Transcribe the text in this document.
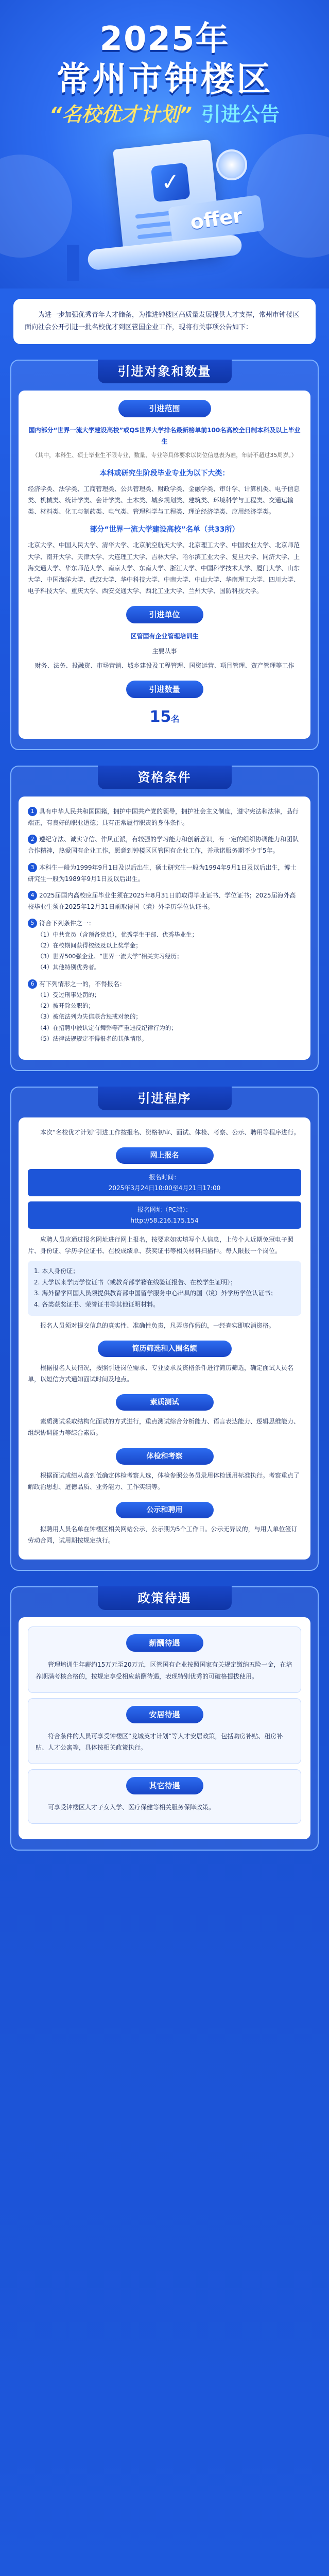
2025年
常州市钟楼区
“名校优才计划” 引进公告
✓
offer

为进一步加强优秀青年人才储备，为推进钟楼区高质量发展提供人才支撑，常州市钟楼区面向社会公开引进一批名校优才到区管国企业工作，现将有关事项公告如下：

引进对象和数量
引进范围

国内部分“世界一流大学建设高校”或QS世界大学排名最新榜单前100名高校全日制本科及以上毕业生

（其中，本科生、硕士毕业生不限专业，数量、专业等具体要求以岗位信息表为准，年龄不超过35周岁。）

本科或研究生阶段毕业专业为以下大类：

经济学类、法学类、工商管理类、公共管理类、财政学类、金融学类、审计学、计算机类、电子信息类、机械类、统计学类、会计学类、土木类、城乡规划类、建筑类、环境科学与工程类、交通运输类、材料类、化工与制药类、电气类、管理科学与工程类、理论经济学类、应用经济学类。

部分“世界一流大学建设高校”名单（共33所）

北京大学、中国人民大学、清华大学、北京航空航天大学、北京理工大学、中国农业大学、北京师范大学、南开大学、天津大学、大连理工大学、吉林大学、哈尔滨工业大学、复旦大学、同济大学、上海交通大学、华东师范大学、南京大学、东南大学、浙江大学、中国科学技术大学、厦门大学、山东大学、中国海洋大学、武汉大学、华中科技大学、中南大学、中山大学、华南理工大学、四川大学、电子科技大学、重庆大学、西安交通大学、西北工业大学、兰州大学、国防科技大学。

引进单位

区管国有企业管理培训生

主要从事

财务、法务、投融资、市场营销、城乡建设及工程管理、国资运营、项目管理、资产管理等工作

引进数量
15名
资格条件
1 具有中华人民共和国国籍，拥护中国共产党的领导，拥护社会主义制度，遵守宪法和法律，品行端正，有良好的职业道德；具有正常履行职责的身体条件。
2 遵纪守法、诚实守信、作风正派，有较强的学习能力和创新意识，有一定的组织协调能力和团队合作精神，热爱国有企业工作，愿意到钟楼区区管国有企业工作，并承诺服务期不少于5年。
3 本科生一般为1999年9月1日及以后出生，硕士研究生一般为1994年9月1日及以后出生，博士研究生一般为1989年9月1日及以后出生。
4 2025届国内高校应届毕业生须在2025年8月31日前取得毕业证书、学位证书；2025届海外高校毕业生须在2025年12月31日前取得国（境）外学历学位认证书。
5 符合下列条件之一：
（1）中共党员（含预备党员），优秀学生干部、优秀毕业生；
（2）在校期间获得校级及以上奖学金；
（3）世界500强企业、“世界一流大学”相关实习经历；
（4）其他特别优秀者。
6 有下列情形之一的，不得报名：
（1）受过刑事处罚的；
（2）被开除公职的；
（3）被依法列为失信联合惩戒对象的；
（4）在招聘中被认定有舞弊等严重违反纪律行为的；
（5）法律法规规定不得报名的其他情形。
引进程序

本次“名校优才计划”引进工作按报名、资格初审、面试、体检、考察、公示、聘用等程序进行。

网上报名
报名时间：
2025年3月24日10:00至4月21日17:00
报名网址（PC端）：
http://58.216.175.154

应聘人员应通过报名网址进行网上报名，按要求如实填写个人信息，上传个人近期免冠电子照片、身份证、学历学位证书、在校成绩单、获奖证书等相关材料扫描件。每人限报一个岗位。

1. 本人身份证；
2. 大学以来学历学位证书（或教育部学籍在线验证报告、在校学生证明）；
3. 海外留学回国人员须提供教育部中国留学服务中心出具的国（境）外学历学位认证书；
4. 各类获奖证书、荣誉证书等其他证明材料。

报名人员须对提交信息的真实性、准确性负责，凡弄虚作假的，一经查实即取消资格。

简历筛选和入围名额

根据报名人员情况，按照引进岗位需求、专业要求及资格条件进行简历筛选，确定面试人员名单，以短信方式通知面试时间及地点。

素质测试

素质测试采取结构化面试的方式进行，重点测试综合分析能力、语言表达能力、逻辑思维能力、组织协调能力等综合素质。

体检和考察

根据面试成绩从高到低确定体检考察人选，体检参照公务员录用体检通用标准执行。考察重点了解政治思想、道德品质、业务能力、工作实绩等。

公示和聘用

拟聘用人员名单在钟楼区相关网站公示，公示期为5个工作日。公示无异议的，与用人单位签订劳动合同，试用期按规定执行。

政策待遇
薪酬待遇

管理培训生年薪约15万元至20万元，区管国有企业按照国家有关规定缴纳五险一金，在培养期满考核合格的，按规定享受相应薪酬待遇，表现特别优秀的可破格提拔使用。

安居待遇

符合条件的人员可享受钟楼区“龙城英才计划”等人才安居政策，包括购房补贴、租房补贴、人才公寓等，具体按相关政策执行。

其它待遇

可享受钟楼区人才子女入学、医疗保健等相关服务保障政策。
